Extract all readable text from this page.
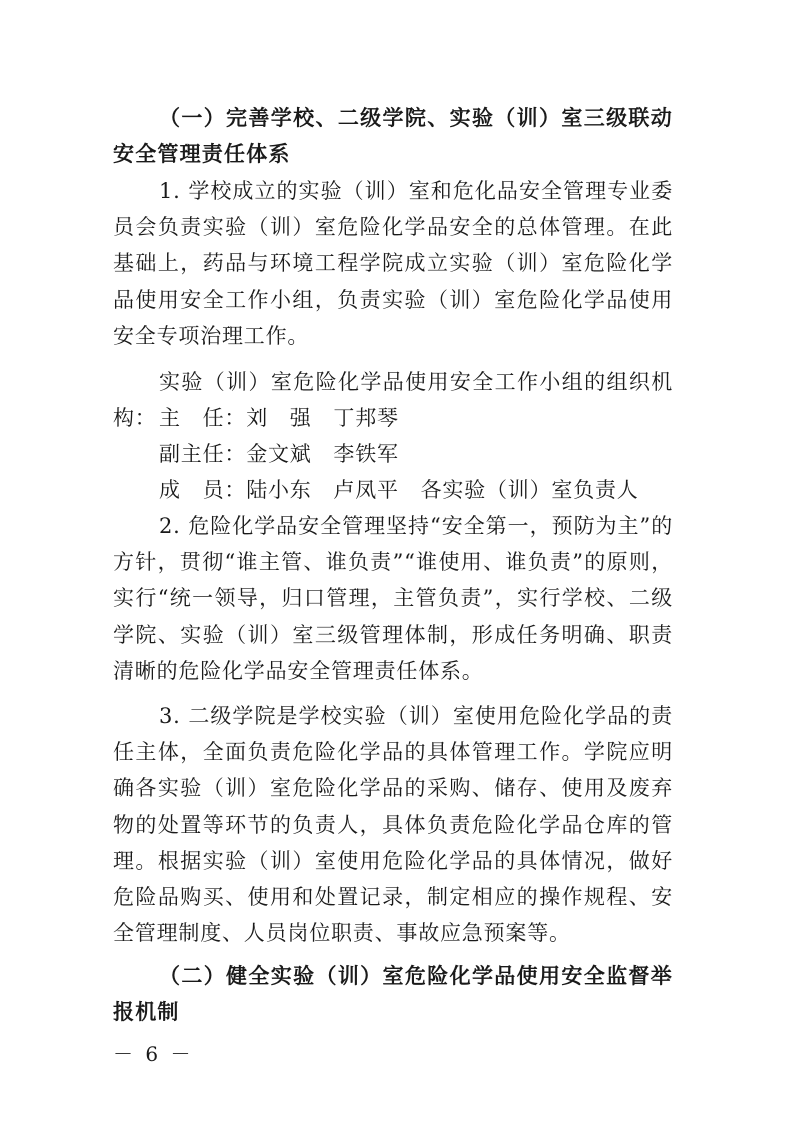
（一）完善学校、二级学院、实验（训）室三级联动安全管理责任体系

1. 学校成立的实验（训）室和危化品安全管理专业委员会负责实验（训）室危险化学品安全的总体管理。在此基础上，药品与环境工程学院成立实验（训）室危险化学品使用安全工作小组，负责实验（训）室危险化学品使用安全专项治理工作。

实验（训）室危险化学品使用安全工作小组的组织机构： 主　任：刘　强　丁邦琴

副主任：金文斌　李铁军

成　员：陆小东　卢凤平　各实验（训）室负责人

2. 危险化学品安全管理坚持“安全第一，预防为主”的方针，贯彻“谁主管、谁负责”“谁使用、谁负责”的原则，实行“统一领导，归口管理，主管负责”，实行学校、二级学院、实验（训）室三级管理体制，形成任务明确、职责清晰的危险化学品安全管理责任体系。

3. 二级学院是学校实验（训）室使用危险化学品的责任主体，全面负责危险化学品的具体管理工作。学院应明确各实验（训）室危险化学品的采购、储存、使用及废弃物的处置等环节的负责人，具体负责危险化学品仓库的管理。根据实验（训）室使用危险化学品的具体情况，做好危险品购买、使用和处置记录，制定相应的操作规程、安全管理制度、人员岗位职责、事故应急预案等。

（二）健全实验（训）室危险化学品使用安全监督举报机制

－ 6 －
